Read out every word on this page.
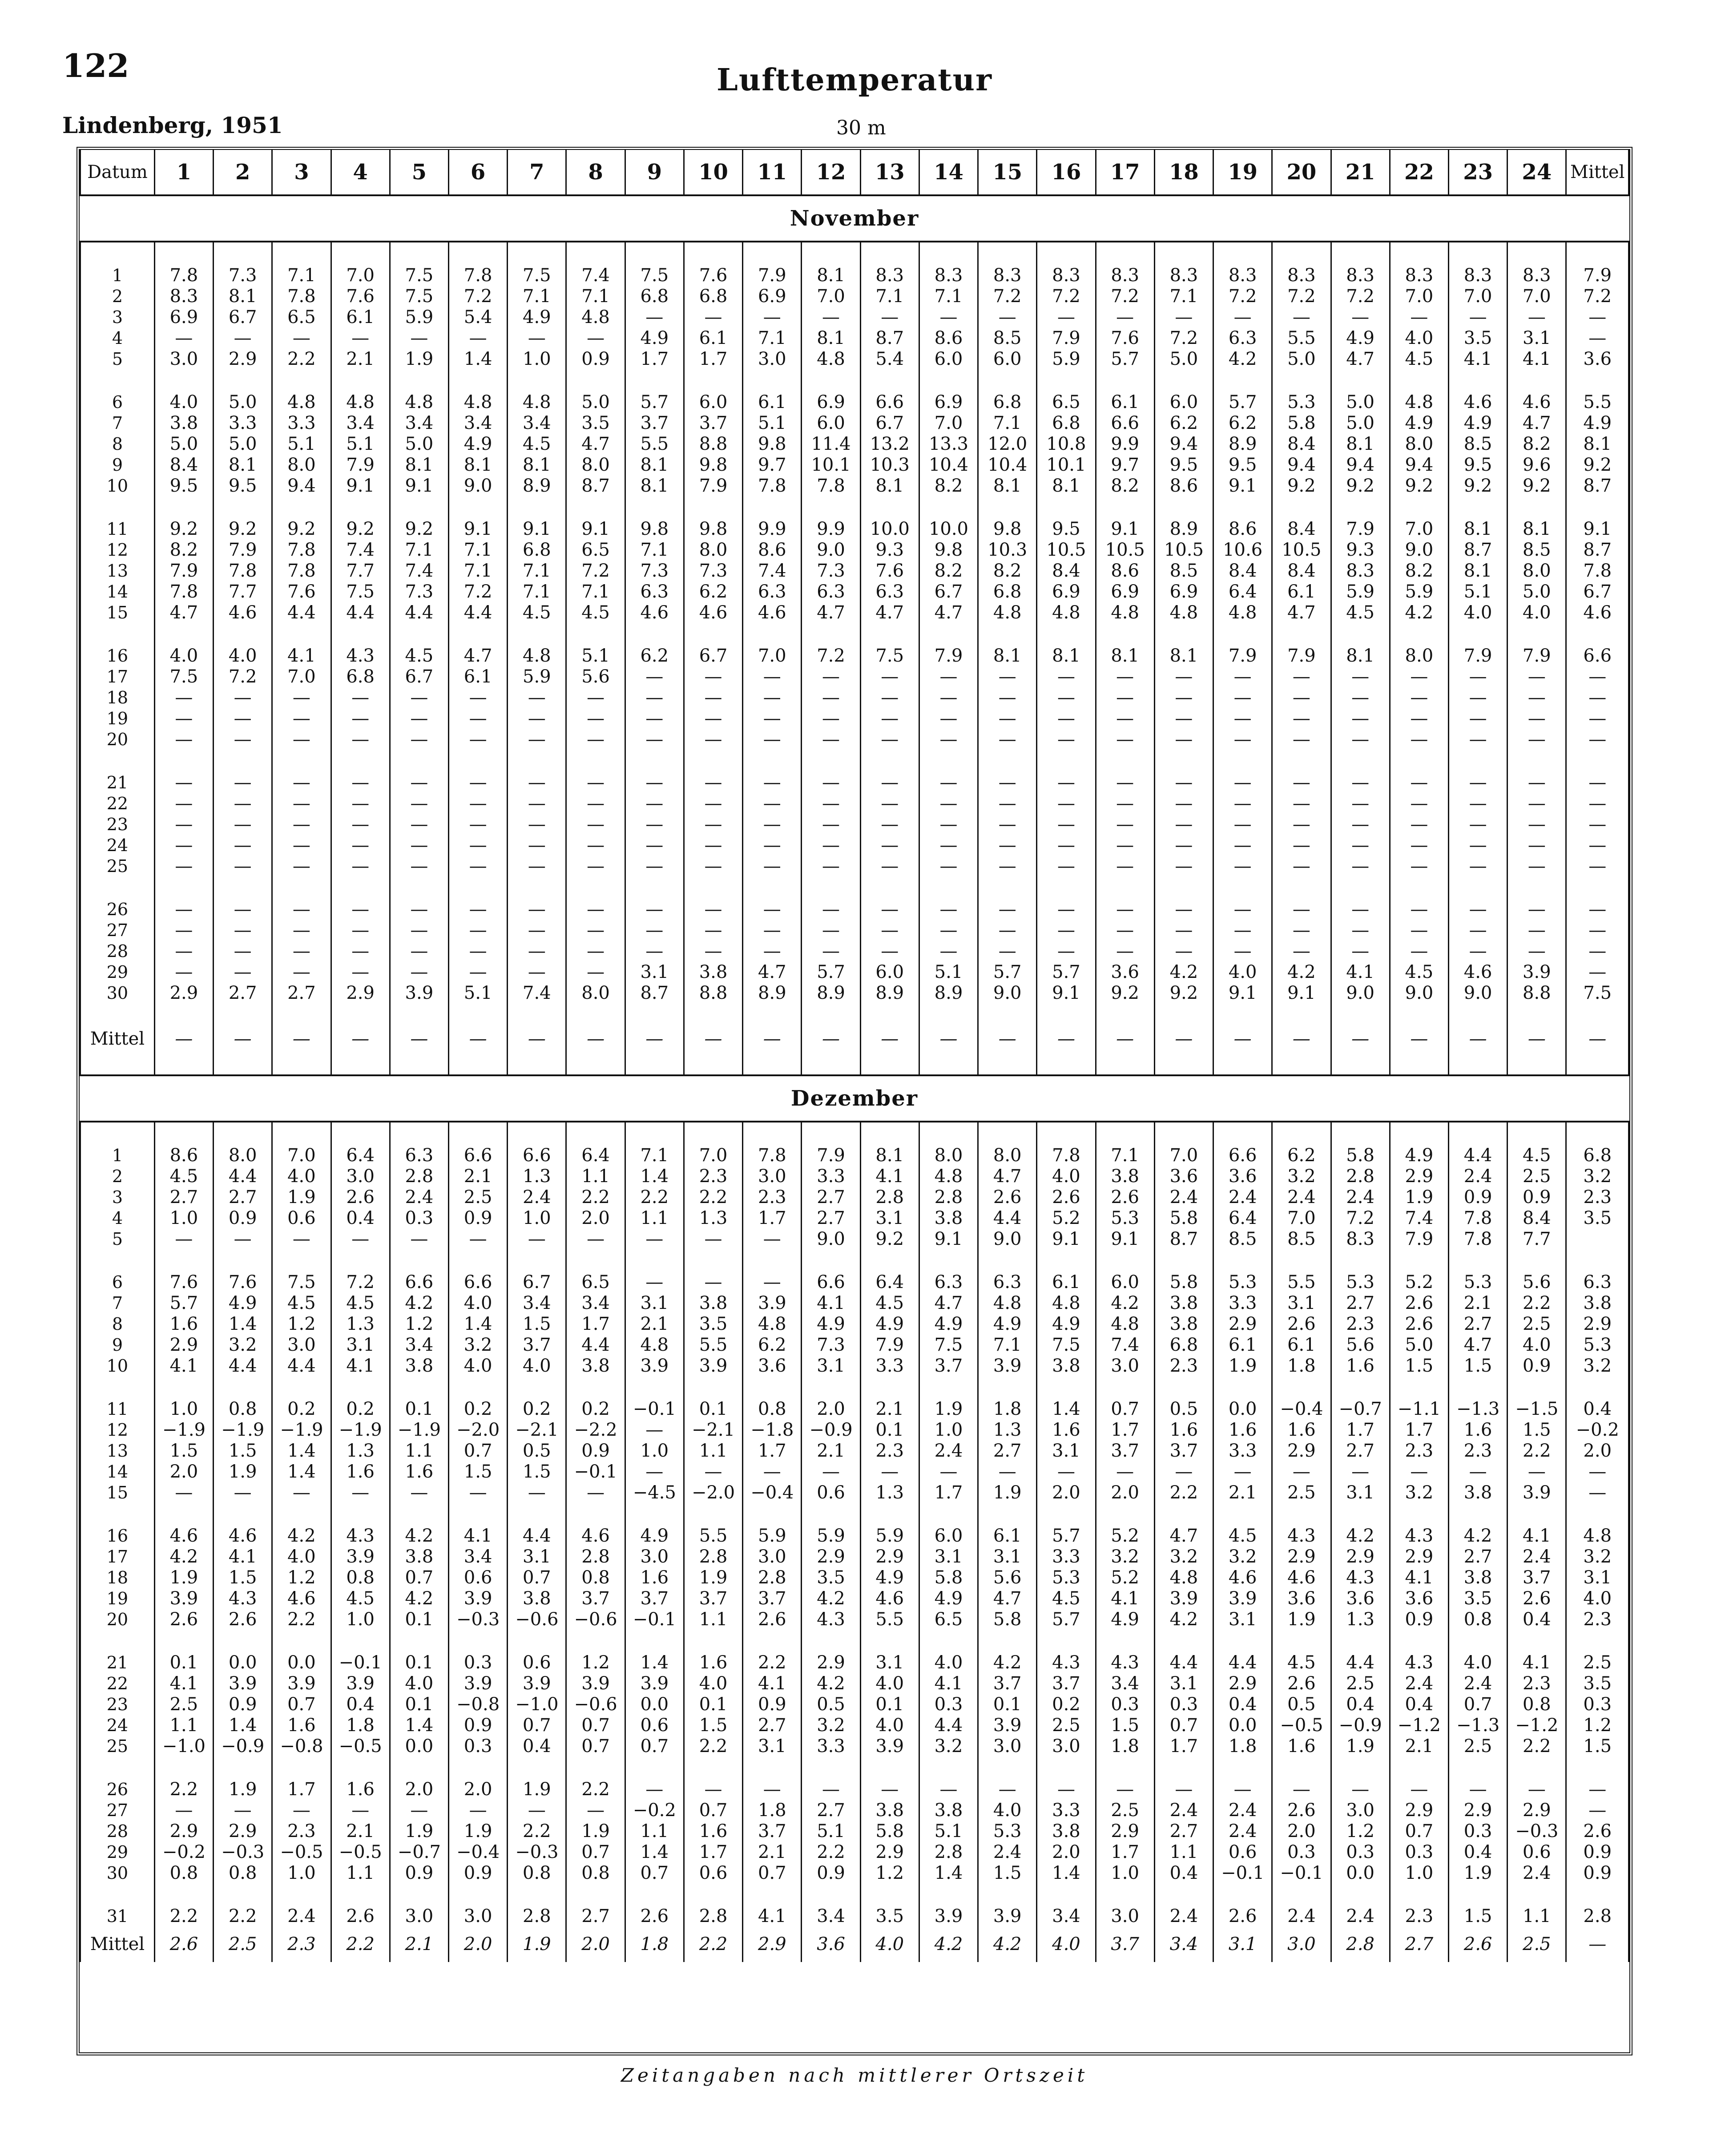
122	Lufttemperatur
Lindenberg, 1951	30 m
Datum	1	2	3	4	5	6	7	8	9	10	11	12	13	14	15	16	17	18	19	20	21	22	23	24	Mittel
November																									

1	7.8	7.3	7.1	7.0	7.5	7.8	7.5	7.4	7.5	7.6	7.9	8.1	8.3	8.3	8.3	8.3	8.3	8.3	8.3	8.3	8.3	8.3	8.3	8.3	7.9
2	8.3	8.1	7.8	7.6	7.5	7.2	7.1	7.1	6.8	6.8	6.9	7.0	7.1	7.1	7.2	7.2	7.2	7.1	7.2	7.2	7.2	7.0	7.0	7.0	7.2
3	6.9	6.7	6.5	6.1	5.9	5.4	4.9	4.8	—	—	—	—	—	—	—	—	—	—	—	—	—	—	—	—	—
4	—	—	—	—	—	—	—	—	4.9	6.1	7.1	8.1	8.7	8.6	8.5	7.9	7.6	7.2	6.3	5.5	4.9	4.0	3.5	3.1	—
5	3.0	2.9	2.2	2.1	1.9	1.4	1.0	0.9	1.7	1.7	3.0	4.8	5.4	6.0	6.0	5.9	5.7	5.0	4.2	5.0	4.7	4.5	4.1	4.1	3.6

6	4.0	5.0	4.8	4.8	4.8	4.8	4.8	5.0	5.7	6.0	6.1	6.9	6.6	6.9	6.8	6.5	6.1	6.0	5.7	5.3	5.0	4.8	4.6	4.6	5.5
7	3.8	3.3	3.3	3.4	3.4	3.4	3.4	3.5	3.7	3.7	5.1	6.0	6.7	7.0	7.1	6.8	6.6	6.2	6.2	5.8	5.0	4.9	4.9	4.7	4.9
8	5.0	5.0	5.1	5.1	5.0	4.9	4.5	4.7	5.5	8.8	9.8	11.4	13.2	13.3	12.0	10.8	9.9	9.4	8.9	8.4	8.1	8.0	8.5	8.2	8.1
9	8.4	8.1	8.0	7.9	8.1	8.1	8.1	8.0	8.1	9.8	9.7	10.1	10.3	10.4	10.4	10.1	9.7	9.5	9.5	9.4	9.4	9.4	9.5	9.6	9.2
10	9.5	9.5	9.4	9.1	9.1	9.0	8.9	8.7	8.1	7.9	7.8	7.8	8.1	8.2	8.1	8.1	8.2	8.6	9.1	9.2	9.2	9.2	9.2	9.2	8.7

11	9.2	9.2	9.2	9.2	9.2	9.1	9.1	9.1	9.8	9.8	9.9	9.9	10.0	10.0	9.8	9.5	9.1	8.9	8.6	8.4	7.9	7.0	8.1	8.1	9.1
12	8.2	7.9	7.8	7.4	7.1	7.1	6.8	6.5	7.1	8.0	8.6	9.0	9.3	9.8	10.3	10.5	10.5	10.5	10.6	10.5	9.3	9.0	8.7	8.5	8.7
13	7.9	7.8	7.8	7.7	7.4	7.1	7.1	7.2	7.3	7.3	7.4	7.3	7.6	8.2	8.2	8.4	8.6	8.5	8.4	8.4	8.3	8.2	8.1	8.0	7.8
14	7.8	7.7	7.6	7.5	7.3	7.2	7.1	7.1	6.3	6.2	6.3	6.3	6.3	6.7	6.8	6.9	6.9	6.9	6.4	6.1	5.9	5.9	5.1	5.0	6.7
15	4.7	4.6	4.4	4.4	4.4	4.4	4.5	4.5	4.6	4.6	4.6	4.7	4.7	4.7	4.8	4.8	4.8	4.8	4.8	4.7	4.5	4.2	4.0	4.0	4.6

16	4.0	4.0	4.1	4.3	4.5	4.7	4.8	5.1	6.2	6.7	7.0	7.2	7.5	7.9	8.1	8.1	8.1	8.1	7.9	7.9	8.1	8.0	7.9	7.9	6.6
17	7.5	7.2	7.0	6.8	6.7	6.1	5.9	5.6	—	—	—	—	—	—	—	—	—	—	—	—	—	—	—	—	—
18	—	—	—	—	—	—	—	—	—	—	—	—	—	—	—	—	—	—	—	—	—	—	—	—	—
19	—	—	—	—	—	—	—	—	—	—	—	—	—	—	—	—	—	—	—	—	—	—	—	—	—
20	—	—	—	—	—	—	—	—	—	—	—	—	—	—	—	—	—	—	—	—	—	—	—	—	—

21	—	—	—	—	—	—	—	—	—	—	—	—	—	—	—	—	—	—	—	—	—	—	—	—	—
22	—	—	—	—	—	—	—	—	—	—	—	—	—	—	—	—	—	—	—	—	—	—	—	—	—
23	—	—	—	—	—	—	—	—	—	—	—	—	—	—	—	—	—	—	—	—	—	—	—	—	—
24	—	—	—	—	—	—	—	—	—	—	—	—	—	—	—	—	—	—	—	—	—	—	—	—	—
25	—	—	—	—	—	—	—	—	—	—	—	—	—	—	—	—	—	—	—	—	—	—	—	—	—

26	—	—	—	—	—	—	—	—	—	—	—	—	—	—	—	—	—	—	—	—	—	—	—	—	—
27	—	—	—	—	—	—	—	—	—	—	—	—	—	—	—	—	—	—	—	—	—	—	—	—	—
28	—	—	—	—	—	—	—	—	—	—	—	—	—	—	—	—	—	—	—	—	—	—	—	—	—
29	—	—	—	—	—	—	—	—	3.1	3.8	4.7	5.7	6.0	5.1	5.7	5.7	3.6	4.2	4.0	4.2	4.1	4.5	4.6	3.9	—
30	2.9	2.7	2.7	2.9	3.9	5.1	7.4	8.0	8.7	8.8	8.9	8.9	8.9	8.9	9.0	9.1	9.2	9.2	9.1	9.1	9.0	9.0	9.0	8.8	7.5
Mittel	—	—	—	—	—	—	—	—	—	—	—	—	—	—	—	—	—	—	—	—	—	—	—	—	—
Dezember																									

1	8.6	8.0	7.0	6.4	6.3	6.6	6.6	6.4	7.1	7.0	7.8	7.9	8.1	8.0	8.0	7.8	7.1	7.0	6.6	6.2	5.8	4.9	4.4	4.5	6.8
2	4.5	4.4	4.0	3.0	2.8	2.1	1.3	1.1	1.4	2.3	3.0	3.3	4.1	4.8	4.7	4.0	3.8	3.6	3.6	3.2	2.8	2.9	2.4	2.5	3.2
3	2.7	2.7	1.9	2.6	2.4	2.5	2.4	2.2	2.2	2.2	2.3	2.7	2.8	2.8	2.6	2.6	2.6	2.4	2.4	2.4	2.4	1.9	0.9	0.9	2.3
4	1.0	0.9	0.6	0.4	0.3	0.9	1.0	2.0	1.1	1.3	1.7	2.7	3.1	3.8	4.4	5.2	5.3	5.8	6.4	7.0	7.2	7.4	7.8	8.4	3.5
5	—	—	—	—	—	—	—	—	—	—	—	9.0	9.2	9.1	9.0	9.1	9.1	8.7	8.5	8.5	8.3	7.9	7.8	7.7	

6	7.6	7.6	7.5	7.2	6.6	6.6	6.7	6.5	—	—	—	6.6	6.4	6.3	6.3	6.1	6.0	5.8	5.3	5.5	5.3	5.2	5.3	5.6	6.3
7	5.7	4.9	4.5	4.5	4.2	4.0	3.4	3.4	3.1	3.8	3.9	4.1	4.5	4.7	4.8	4.8	4.2	3.8	3.3	3.1	2.7	2.6	2.1	2.2	3.8
8	1.6	1.4	1.2	1.3	1.2	1.4	1.5	1.7	2.1	3.5	4.8	4.9	4.9	4.9	4.9	4.9	4.8	3.8	2.9	2.6	2.3	2.6	2.7	2.5	2.9
9	2.9	3.2	3.0	3.1	3.4	3.2	3.7	4.4	4.8	5.5	6.2	7.3	7.9	7.5	7.1	7.5	7.4	6.8	6.1	6.1	5.6	5.0	4.7	4.0	5.3
10	4.1	4.4	4.4	4.1	3.8	4.0	4.0	3.8	3.9	3.9	3.6	3.1	3.3	3.7	3.9	3.8	3.0	2.3	1.9	1.8	1.6	1.5	1.5	0.9	3.2

11	1.0	0.8	0.2	0.2	0.1	0.2	0.2	0.2	−0.1	0.1	0.8	2.0	2.1	1.9	1.8	1.4	0.7	0.5	0.0	−0.4	−0.7	−1.1	−1.3	−1.5	0.4
12	−1.9	−1.9	−1.9	−1.9	−1.9	−2.0	−2.1	−2.2	—	−2.1	−1.8	−0.9	0.1	1.0	1.3	1.6	1.7	1.6	1.6	1.6	1.7	1.7	1.6	1.5	−0.2
13	1.5	1.5	1.4	1.3	1.1	0.7	0.5	0.9	1.0	1.1	1.7	2.1	2.3	2.4	2.7	3.1	3.7	3.7	3.3	2.9	2.7	2.3	2.3	2.2	2.0
14	2.0	1.9	1.4	1.6	1.6	1.5	1.5	−0.1	—	—	—	—	—	—	—	—	—	—	—	—	—	—	—	—	—
15	—	—	—	—	—	—	—	—	−4.5	−2.0	−0.4	0.6	1.3	1.7	1.9	2.0	2.0	2.2	2.1	2.5	3.1	3.2	3.8	3.9	—

16	4.6	4.6	4.2	4.3	4.2	4.1	4.4	4.6	4.9	5.5	5.9	5.9	5.9	6.0	6.1	5.7	5.2	4.7	4.5	4.3	4.2	4.3	4.2	4.1	4.8
17	4.2	4.1	4.0	3.9	3.8	3.4	3.1	2.8	3.0	2.8	3.0	2.9	2.9	3.1	3.1	3.3	3.2	3.2	3.2	2.9	2.9	2.9	2.7	2.4	3.2
18	1.9	1.5	1.2	0.8	0.7	0.6	0.7	0.8	1.6	1.9	2.8	3.5	4.9	5.8	5.6	5.3	5.2	4.8	4.6	4.6	4.3	4.1	3.8	3.7	3.1
19	3.9	4.3	4.6	4.5	4.2	3.9	3.8	3.7	3.7	3.7	3.7	4.2	4.6	4.9	4.7	4.5	4.1	3.9	3.9	3.6	3.6	3.6	3.5	2.6	4.0
20	2.6	2.6	2.2	1.0	0.1	−0.3	−0.6	−0.6	−0.1	1.1	2.6	4.3	5.5	6.5	5.8	5.7	4.9	4.2	3.1	1.9	1.3	0.9	0.8	0.4	2.3

21	0.1	0.0	0.0	−0.1	0.1	0.3	0.6	1.2	1.4	1.6	2.2	2.9	3.1	4.0	4.2	4.3	4.3	4.4	4.4	4.5	4.4	4.3	4.0	4.1	2.5
22	4.1	3.9	3.9	3.9	4.0	3.9	3.9	3.9	3.9	4.0	4.1	4.2	4.0	4.1	3.7	3.7	3.4	3.1	2.9	2.6	2.5	2.4	2.4	2.3	3.5
23	2.5	0.9	0.7	0.4	0.1	−0.8	−1.0	−0.6	0.0	0.1	0.9	0.5	0.1	0.3	0.1	0.2	0.3	0.3	0.4	0.5	0.4	0.4	0.7	0.8	0.3
24	1.1	1.4	1.6	1.8	1.4	0.9	0.7	0.7	0.6	1.5	2.7	3.2	4.0	4.4	3.9	2.5	1.5	0.7	0.0	−0.5	−0.9	−1.2	−1.3	−1.2	1.2
25	−1.0	−0.9	−0.8	−0.5	0.0	0.3	0.4	0.7	0.7	2.2	3.1	3.3	3.9	3.2	3.0	3.0	1.8	1.7	1.8	1.6	1.9	2.1	2.5	2.2	1.5

26	2.2	1.9	1.7	1.6	2.0	2.0	1.9	2.2	—	—	—	—	—	—	—	—	—	—	—	—	—	—	—	—	—
27	—	—	—	—	—	—	—	—	−0.2	0.7	1.8	2.7	3.8	3.8	4.0	3.3	2.5	2.4	2.4	2.6	3.0	2.9	2.9	2.9	—
28	2.9	2.9	2.3	2.1	1.9	1.9	2.2	1.9	1.1	1.6	3.7	5.1	5.8	5.1	5.3	3.8	2.9	2.7	2.4	2.0	1.2	0.7	0.3	−0.3	2.6
29	−0.2	−0.3	−0.5	−0.5	−0.7	−0.4	−0.3	0.7	1.4	1.7	2.1	2.2	2.9	2.8	2.4	2.0	1.7	1.1	0.6	0.3	0.3	0.3	0.4	0.6	0.9
30	0.8	0.8	1.0	1.1	0.9	0.9	0.8	0.8	0.7	0.6	0.7	0.9	1.2	1.4	1.5	1.4	1.0	0.4	−0.1	−0.1	0.0	1.0	1.9	2.4	0.9

31	2.2	2.2	2.4	2.6	3.0	3.0	2.8	2.7	2.6	2.8	4.1	3.4	3.5	3.9	3.9	3.4	3.0	2.4	2.6	2.4	2.4	2.3	1.5	1.1	2.8
Mittel	2.6	2.5	2.3	2.2	2.1	2.0	1.9	2.0	1.8	2.2	2.9	3.6	4.0	4.2	4.2	4.0	3.7	3.4	3.1	3.0	2.8	2.7	2.6	2.5	—
Zeitangaben nach mittlerer Ortszeit
